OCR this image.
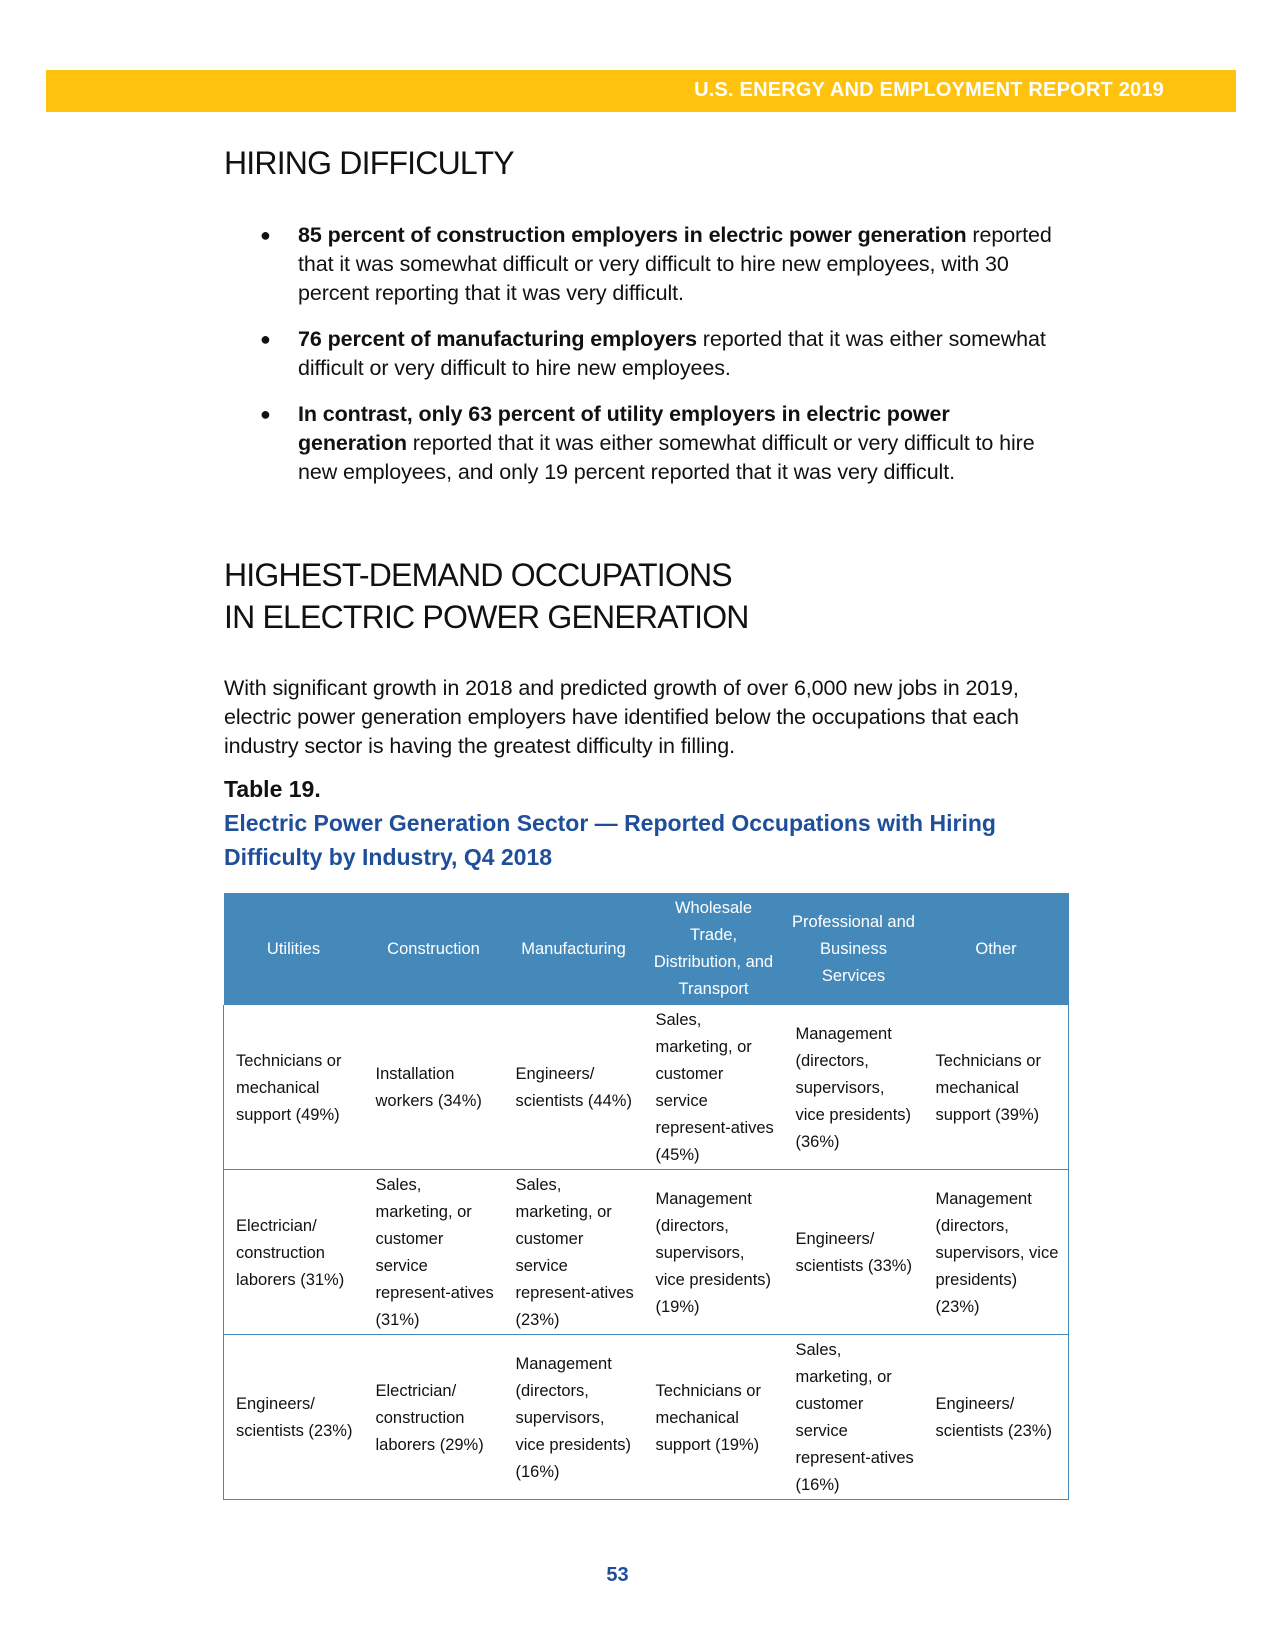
U.S. ENERGY AND EMPLOYMENT REPORT 2019
HIRING DIFFICULTY
● 85 percent of construction employers in electric power generation reported that it was somewhat difficult or very difficult to hire new employees, with 30 percent reporting that it was very difficult.
● 76 percent of manufacturing employers reported that it was either somewhat difficult or very difficult to hire new employees.
● In contrast, only 63 percent of utility employers in electric power generation reported that it was either somewhat difficult or very difficult to hire new employees, and only 19 percent reported that it was very difficult.
HIGHEST-DEMAND OCCUPATIONS
IN ELECTRIC POWER GENERATION

With significant growth in 2018 and predicted growth of over 6,000 new jobs in 2019, electric power generation employers have identified below the occupations that each industry sector is having the greatest difficulty in filling.

Table 19.

Electric Power Generation Sector — Reported Occupations with Hiring Difficulty by Industry, Q4 2018

Utilities	Construction	Manufacturing	Wholesale Trade, Distribution, and Transport	Professional and Business Services	Other
Technicians or mechanical support (49%)	Installation workers (34%)	Engineers/ scientists (44%)	Sales, marketing, or customer service represent-atives (45%)	Management (directors, supervisors, vice presidents) (36%)	Technicians or mechanical support (39%)
Electrician/ construction laborers (31%)	Sales, marketing, or customer service represent-atives (31%)	Sales, marketing, or customer service represent-atives (23%)	Management (directors, supervisors, vice presidents) (19%)	Engineers/ scientists (33%)	Management (directors, supervisors, vice presidents) (23%)
Engineers/ scientists (23%)	Electrician/ construction laborers (29%)	Management (directors, supervisors, vice presidents) (16%)	Technicians or mechanical support (19%)	Sales, marketing, or customer service represent-atives (16%)	Engineers/ scientists (23%)
53
